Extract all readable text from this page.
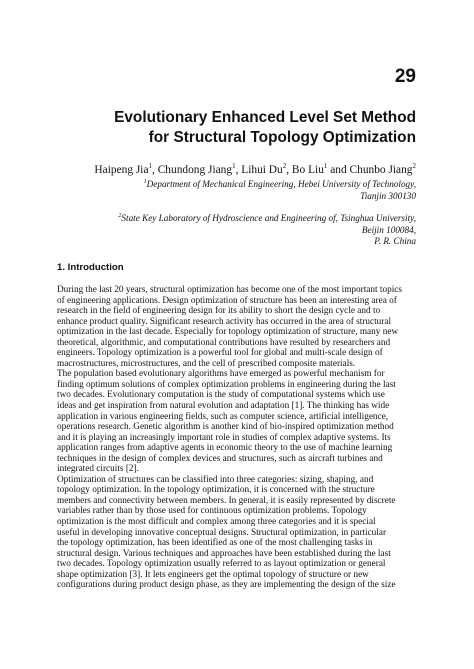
29
Evolutionary Enhanced Level Set Method
for Structural Topology Optimization
Haipeng Jia$^1$, Chundong Jiang$^1$, Lihui Du$^2$, Bo Liu$^1$ and Chunbo Jiang$^2$
$^1$Department of Mechanical Engineering, Hebei University of Technology,
Tianjin 300130
$^2$State Key Laboratory of Hydroscience and Engineering of, Tsinghua University,
Beijin 100084,
P. R. China
1. Introduction
During the last 20 years, structural optimization has become one of the most important topics
of engineering applications. Design optimization of structure has been an interesting area of
research in the field of engineering design for its ability to short the design cycle and to
enhance product quality. Significant research activity has occurred in the area of structural
optimization in the last decade. Especially for topology optimization of structure, many new
theoretical, algorithmic, and computational contributions have resulted by researchers and
engineers. Topology optimization is a powerful tool for global and multi-scale design of
macrostructures, microstructures, and the cell of prescribed composite materials.
The population based evolutionary algorithms have emerged as powerful mechanism for
finding optimum solutions of complex optimization problems in engineering during the last
two decades. Evolutionary computation is the study of computational systems which use
ideas and get inspiration from natural evolution and adaptation [1]. The thinking has wide
application in various engineering fields, such as computer science, artificial intelligence,
operations research. Genetic algorithm is another kind of bio-inspired optimization method
and it is playing an increasingly important role in studies of complex adaptive systems. Its
application ranges from adaptive agents in economic theory to the use of machine learning
techniques in the design of complex devices and structures, such as aircraft turbines and
integrated circuits [2].
Optimization of structures can be classified into three categories: sizing, shaping, and
topology optimization. In the topology optimization, it is concerned with the structure
members and connectivity between members. In general, it is easily represented by discrete
variables rather than by those used for continuous optimization problems. Topology
optimization is the most difficult and complex among three categories and it is special
useful in developing innovative conceptual designs. Structural optimization, in particular
the topology optimization, has been identified as one of the most challenging tasks in
structural design. Various techniques and approaches have been established during the last
two decades. Topology optimization usually referred to as layout optimization or general
shape optimization [3]. It lets engineers get the optimal topology of structure or new
configurations during product design phase, as they are implementing the design of the size
